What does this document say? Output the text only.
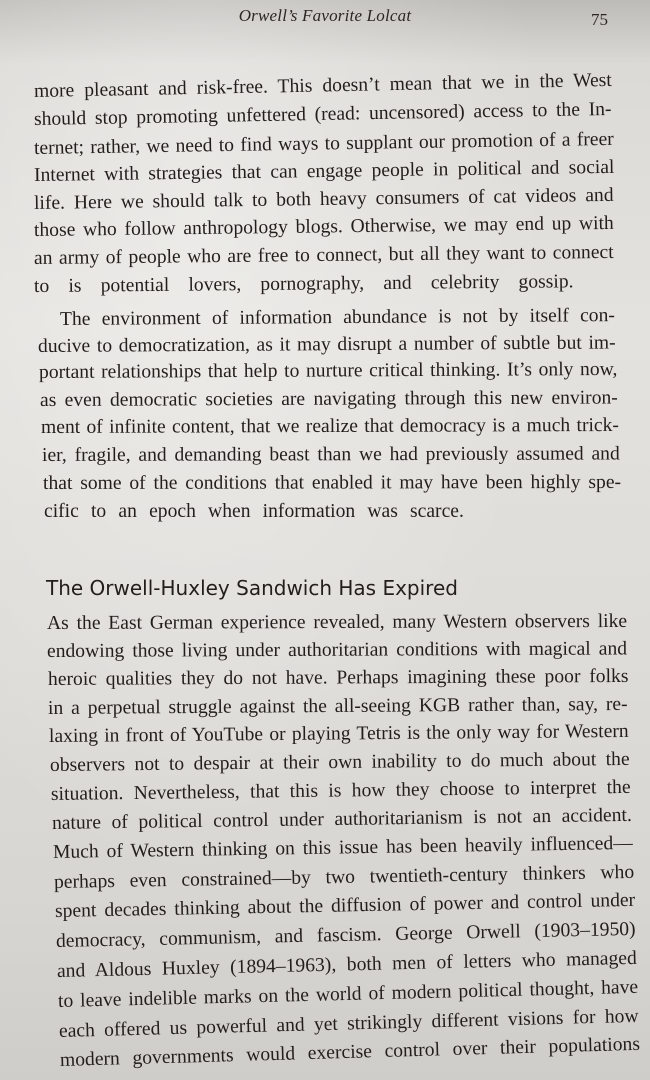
Orwell’s Favorite Lolcat	75
more pleasant and risk-free. This doesn’t mean that we in the West
should stop promoting unfettered (read: uncensored) access to the In-
ternet; rather, we need to find ways to supplant our promotion of a freer
Internet with strategies that can engage people in political and social
life. Here we should talk to both heavy consumers of cat videos and
those who follow anthropology blogs. Otherwise, we may end up with
an army of people who are free to connect, but all they want to connect
to is potential lovers, pornography, and celebrity gossip.
The environment of information abundance is not by itself con-
ducive to democratization, as it may disrupt a number of subtle but im-
portant relationships that help to nurture critical thinking. It’s only now,
as even democratic societies are navigating through this new environ-
ment of infinite content, that we realize that democracy is a much trick-
ier, fragile, and demanding beast than we had previously assumed and
that some of the conditions that enabled it may have been highly spe-
cific to an epoch when information was scarce.
The Orwell-Huxley Sandwich Has Expired
As the East German experience revealed, many Western observers like
endowing those living under authoritarian conditions with magical and
heroic qualities they do not have. Perhaps imagining these poor folks
in a perpetual struggle against the all-seeing KGB rather than, say, re-
laxing in front of YouTube or playing Tetris is the only way for Western
observers not to despair at their own inability to do much about the
situation. Nevertheless, that this is how they choose to interpret the
nature of political control under authoritarianism is not an accident.
Much of Western thinking on this issue has been heavily influenced—
perhaps even constrained—by two twentieth-century thinkers who
spent decades thinking about the diffusion of power and control under
democracy, communism, and fascism. George Orwell (1903–1950)
and Aldous Huxley (1894–1963), both men of letters who managed
to leave indelible marks on the world of modern political thought, have
each offered us powerful and yet strikingly different visions for how
modern governments would exercise control over their populations
